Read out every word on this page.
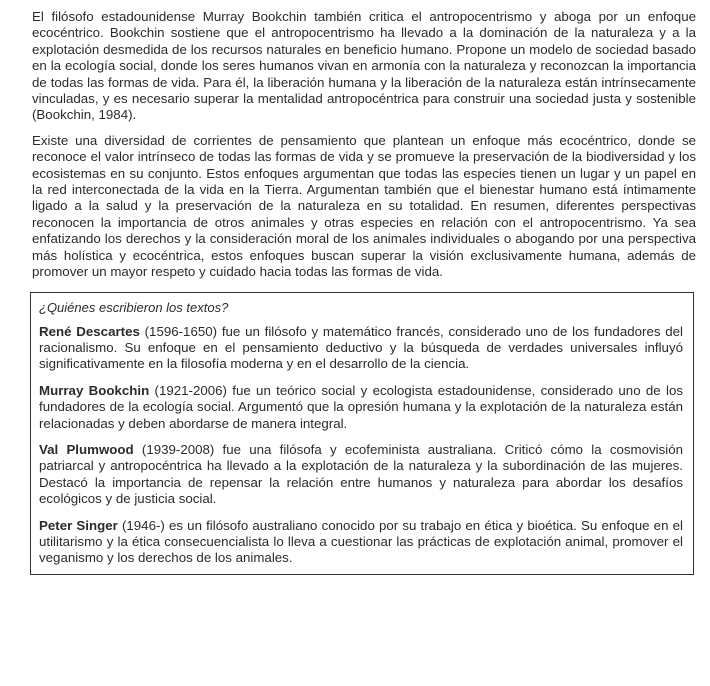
El filósofo estadounidense Murray Bookchin también critica el antropocentrismo y aboga por un enfoque ecocéntrico. Bookchin sostiene que el antropocentrismo ha llevado a la dominación de la naturaleza y a la explotación desmedida de los recursos naturales en beneficio humano. Propone un modelo de sociedad basado en la ecología social, donde los seres humanos vivan en armonía con la naturaleza y reconozcan la importancia de todas las formas de vida. Para él, la liberación humana y la liberación de la naturaleza están intrínsecamente vinculadas, y es necesario superar la mentalidad antropocéntrica para construir una sociedad justa y sostenible (Bookchin, 1984).

Existe una diversidad de corrientes de pensamiento que plantean un enfoque más ecocéntrico, donde se reconoce el valor intrínseco de todas las formas de vida y se promueve la preservación de la biodiversidad y los ecosistemas en su conjunto. Estos enfoques argumentan que todas las especies tienen un lugar y un papel en la red interconectada de la vida en la Tierra. Argumentan también que el bienestar humano está íntimamente ligado a la salud y la preservación de la naturaleza en su totalidad. En resumen, diferentes perspectivas reconocen la importancia de otros animales y otras especies en relación con el antropocentrismo. Ya sea enfatizando los derechos y la consideración moral de los animales individuales o abogando por una perspectiva más holística y ecocéntrica, estos enfoques buscan superar la visión exclusivamente humana, además de promover un mayor respeto y cuidado hacia todas las formas de vida.

¿Quiénes escribieron los textos?

René Descartes (1596-1650) fue un filósofo y matemático francés, considerado uno de los fundadores del racionalismo. Su enfoque en el pensamiento deductivo y la búsqueda de verdades universales influyó significativamente en la filosofía moderna y en el desarrollo de la ciencia.

Murray Bookchin (1921-2006) fue un teórico social y ecologista estadounidense, considerado uno de los fundadores de la ecología social. Argumentó que la opresión humana y la explotación de la naturaleza están relacionadas y deben abordarse de manera integral.

Val Plumwood (1939-2008) fue una filósofa y ecofeminista australiana. Criticó cómo la cosmovisión patriarcal y antropocéntrica ha llevado a la explotación de la naturaleza y la subordinación de las mujeres. Destacó la importancia de repensar la relación entre humanos y naturaleza para abordar los desafíos ecológicos y de justicia social.

Peter Singer (1946-) es un filósofo australiano conocido por su trabajo en ética y bioética. Su enfoque en el utilitarismo y la ética consecuencialista lo lleva a cuestionar las prácticas de explotación animal, promover el veganismo y los derechos de los animales.
